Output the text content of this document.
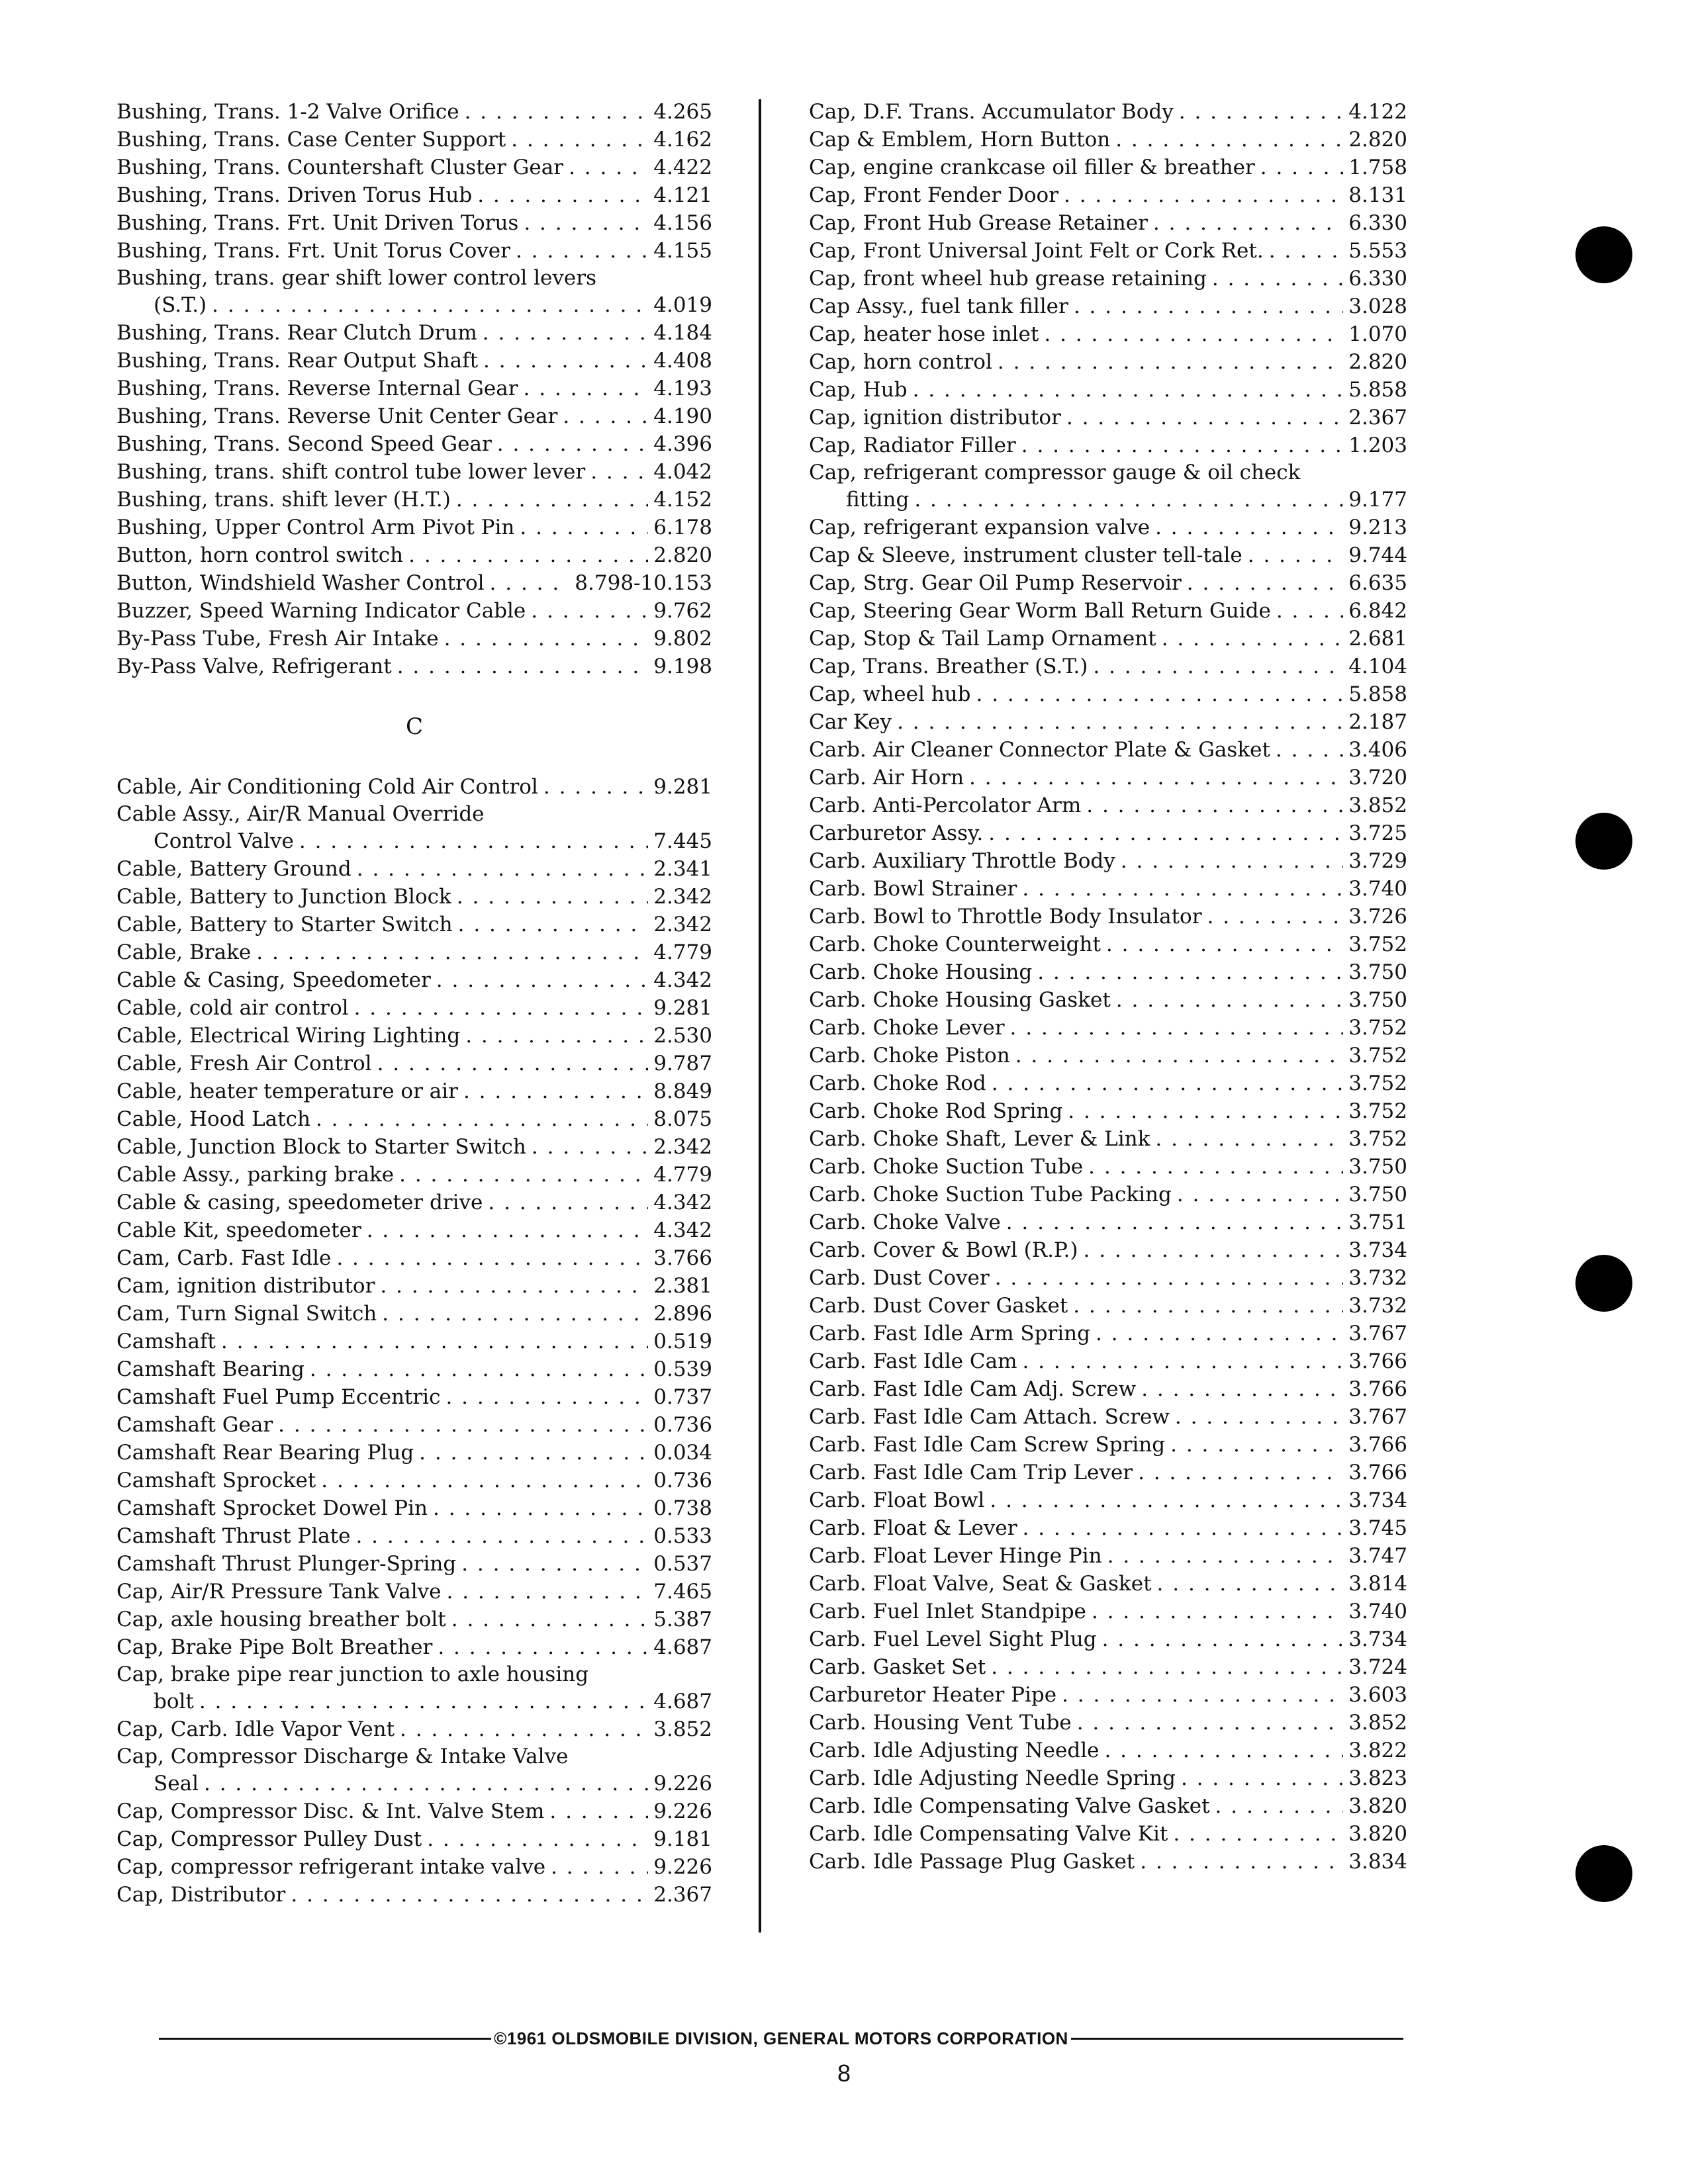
Bushing, Trans. 1-2 Valve Orifice . . .	4.265
Bushing, Trans. Case Center Support . . .	4.162
Bushing, Trans. Countershaft Cluster Gear . . .	4.422
Bushing, Trans. Driven Torus Hub . . .	4.121
Bushing, Trans. Frt. Unit Driven Torus . . .	4.156
Bushing, Trans. Frt. Unit Torus Cover . . .	4.155
Bushing, trans. gear shift lower control levers
(S.T.) . . .	4.019
Bushing, Trans. Rear Clutch Drum . . .	4.184
Bushing, Trans. Rear Output Shaft . . .	4.408
Bushing, Trans. Reverse Internal Gear . . .	4.193
Bushing, Trans. Reverse Unit Center Gear . . .	4.190
Bushing, Trans. Second Speed Gear . . .	4.396
Bushing, trans. shift control tube lower lever . . .	4.042
Bushing, trans. shift lever (H.T.) . . .	4.152
Bushing, Upper Control Arm Pivot Pin . . .	6.178
Button, horn control switch . . .	2.820
Button, Windshield Washer Control . . .	8.798-10.153
Buzzer, Speed Warning Indicator Cable . . .	9.762
By-Pass Tube, Fresh Air Intake . . .	9.802
By-Pass Valve, Refrigerant . . .	9.198
C
Cable, Air Conditioning Cold Air Control . . .	9.281
Cable Assy., Air/R Manual Override
Control Valve . . .	7.445
Cable, Battery Ground . . .	2.341
Cable, Battery to Junction Block . . .	2.342
Cable, Battery to Starter Switch . . .	2.342
Cable, Brake . . .	4.779
Cable & Casing, Speedometer . . .	4.342
Cable, cold air control . . .	9.281
Cable, Electrical Wiring Lighting . . .	2.530
Cable, Fresh Air Control . . .	9.787
Cable, heater temperature or air . . .	8.849
Cable, Hood Latch . . .	8.075
Cable, Junction Block to Starter Switch . . .	2.342
Cable Assy., parking brake . . .	4.779
Cable & casing, speedometer drive . . .	4.342
Cable Kit, speedometer . . .	4.342
Cam, Carb. Fast Idle . . .	3.766
Cam, ignition distributor . . .	2.381
Cam, Turn Signal Switch . . .	2.896
Camshaft . . .	0.519
Camshaft Bearing . . .	0.539
Camshaft Fuel Pump Eccentric . . .	0.737
Camshaft Gear . . .	0.736
Camshaft Rear Bearing Plug . . .	0.034
Camshaft Sprocket . . .	0.736
Camshaft Sprocket Dowel Pin . . .	0.738
Camshaft Thrust Plate . . .	0.533
Camshaft Thrust Plunger-Spring . . .	0.537
Cap, Air/R Pressure Tank Valve . . .	7.465
Cap, axle housing breather bolt . . .	5.387
Cap, Brake Pipe Bolt Breather . . .	4.687
Cap, brake pipe rear junction to axle housing
bolt . . .	4.687
Cap, Carb. Idle Vapor Vent . . .	3.852
Cap, Compressor Discharge & Intake Valve
Seal . . .	9.226
Cap, Compressor Disc. & Int. Valve Stem . . .	9.226
Cap, Compressor Pulley Dust . . .	9.181
Cap, compressor refrigerant intake valve . . .	9.226
Cap, Distributor . . .	2.367
Cap, D.F. Trans. Accumulator Body . . .	4.122
Cap & Emblem, Horn Button . . .	2.820
Cap, engine crankcase oil filler & breather . . .	1.758
Cap, Front Fender Door . . .	8.131
Cap, Front Hub Grease Retainer . . .	6.330
Cap, Front Universal Joint Felt or Cork Ret. . . .	5.553
Cap, front wheel hub grease retaining . . .	6.330
Cap Assy., fuel tank filler . . .	3.028
Cap, heater hose inlet . . .	1.070
Cap, horn control . . .	2.820
Cap, Hub . . .	5.858
Cap, ignition distributor . . .	2.367
Cap, Radiator Filler . . .	1.203
Cap, refrigerant compressor gauge & oil check
fitting . . .	9.177
Cap, refrigerant expansion valve . . .	9.213
Cap & Sleeve, instrument cluster tell-tale . . .	9.744
Cap, Strg. Gear Oil Pump Reservoir . . .	6.635
Cap, Steering Gear Worm Ball Return Guide . . .	6.842
Cap, Stop & Tail Lamp Ornament . . .	2.681
Cap, Trans. Breather (S.T.) . . .	4.104
Cap, wheel hub . . .	5.858
Car Key . . .	2.187
Carb. Air Cleaner Connector Plate & Gasket . . .	3.406
Carb. Air Horn . . .	3.720
Carb. Anti-Percolator Arm . . .	3.852
Carburetor Assy. . . .	3.725
Carb. Auxiliary Throttle Body . . .	3.729
Carb. Bowl Strainer . . .	3.740
Carb. Bowl to Throttle Body Insulator . . .	3.726
Carb. Choke Counterweight . . .	3.752
Carb. Choke Housing . . .	3.750
Carb. Choke Housing Gasket . . .	3.750
Carb. Choke Lever . . .	3.752
Carb. Choke Piston . . .	3.752
Carb. Choke Rod . . .	3.752
Carb. Choke Rod Spring . . .	3.752
Carb. Choke Shaft, Lever & Link . . .	3.752
Carb. Choke Suction Tube . . .	3.750
Carb. Choke Suction Tube Packing . . .	3.750
Carb. Choke Valve . . .	3.751
Carb. Cover & Bowl (R.P.) . . .	3.734
Carb. Dust Cover . . .	3.732
Carb. Dust Cover Gasket . . .	3.732
Carb. Fast Idle Arm Spring . . .	3.767
Carb. Fast Idle Cam . . .	3.766
Carb. Fast Idle Cam Adj. Screw . . .	3.766
Carb. Fast Idle Cam Attach. Screw . . .	3.767
Carb. Fast Idle Cam Screw Spring . . .	3.766
Carb. Fast Idle Cam Trip Lever . . .	3.766
Carb. Float Bowl . . .	3.734
Carb. Float & Lever . . .	3.745
Carb. Float Lever Hinge Pin . . .	3.747
Carb. Float Valve, Seat & Gasket . . .	3.814
Carb. Fuel Inlet Standpipe . . .	3.740
Carb. Fuel Level Sight Plug . . .	3.734
Carb. Gasket Set . . .	3.724
Carburetor Heater Pipe . . .	3.603
Carb. Housing Vent Tube . . .	3.852
Carb. Idle Adjusting Needle . . .	3.822
Carb. Idle Adjusting Needle Spring . . .	3.823
Carb. Idle Compensating Valve Gasket . . .	3.820
Carb. Idle Compensating Valve Kit . . .	3.820
Carb. Idle Passage Plug Gasket . . .	3.834
©1961 OLDSMOBILE DIVISION, GENERAL MOTORS CORPORATION
8
